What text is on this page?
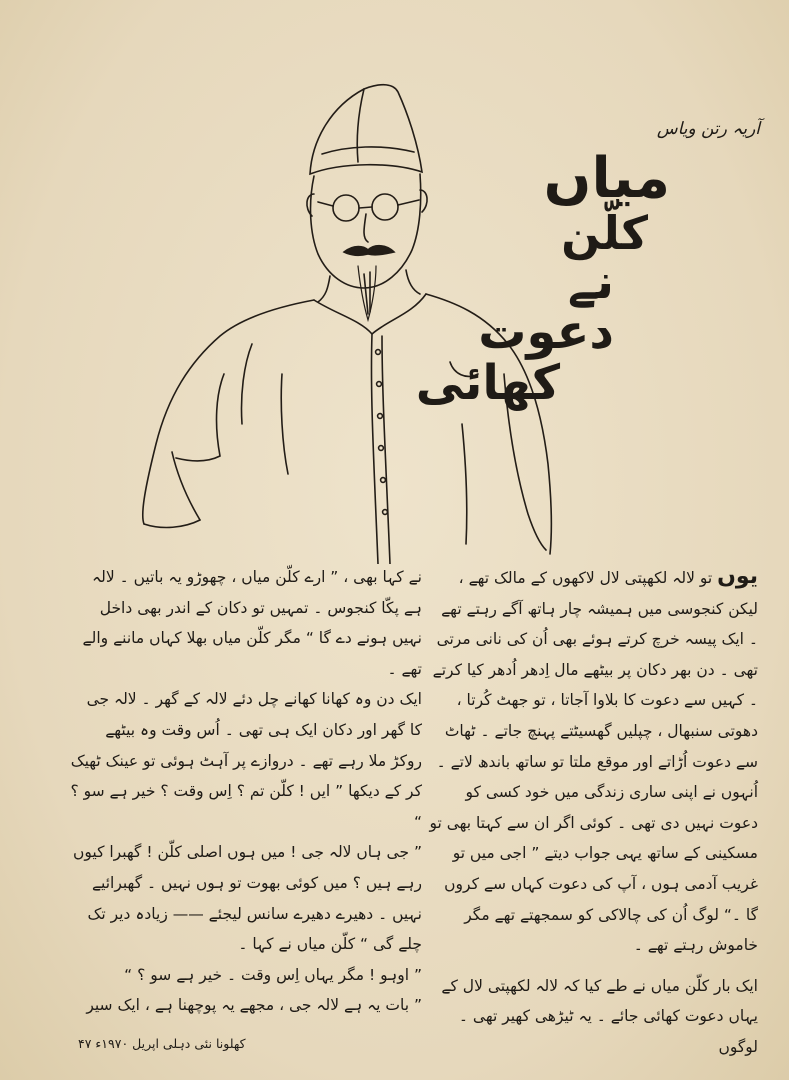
آریہ رتن ویاس
میاں
کلّن
نے دعوت
کھائی

یوں تو لالہ لکھپتی لال لاکھوں کے مالک تھے ، لیکن کنجوسی میں ہمیشہ چار ہاتھ آگے رہتے تھے ۔ ایک پیسہ خرچ کرتے ہوئے بھی اُن کی نانی مرتی تھی ۔ دن بھر دکان پر بیٹھے مال اِدھر اُدھر کیا کرتے ۔ کہیں سے دعوت کا بلاوا آجاتا ، تو جھٹ کُرتا ، دھوتی سنبھال ، چپلیں گھسیٹتے پہنچ جاتے ۔ ٹھاٹ سے دعوت اُڑاتے اور موقع ملتا تو ساتھ باندھ لاتے ۔ اُنہوں نے اپنی ساری زندگی میں خود کسی کو دعوت نہیں دی تھی ۔ کوئی اگر ان سے کہتا بھی تو مسکینی کے ساتھ یہی جواب دیتے ” اجی میں تو غریب آدمی ہوں ، آپ کی دعوت کہاں سے کروں گا ۔“ لوگ اُن کی چالاکی کو سمجھتے تھے مگر خاموش رہتے تھے ۔

ایک بار کلّن میاں نے طے کیا کہ لالہ لکھپتی لال کے یہاں دعوت کھائی جائے ۔ یہ ٹیڑھی کھیر تھی ۔ لوگوں

نے کہا بھی ، ” ارے کلّن میاں ، چھوڑو یہ باتیں ۔ لالہ ہے پکّا کنجوس ۔ تمہیں تو دکان کے اندر بھی داخل نہیں ہونے دے گا “ مگر کلّن میاں بھلا کہاں ماننے والے تھے ۔

ایک دن وہ کھانا کھانے چل دئے لالہ کے گھر ۔ لالہ جی کا گھر اور دکان ایک ہی تھی ۔ اُس وقت وہ بیٹھے روکڑ ملا رہے تھے ۔ دروازے پر آہٹ ہوئی تو عینک ٹھیک کر کے دیکھا ” ایں ! کلّن تم ؟ اِس وقت ؟ خیر ہے سو ؟ “

” جی ہاں لالہ جی ! میں ہوں اصلی کلّن ! گھبرا کیوں رہے ہیں ؟ میں کوئی بھوت تو ہوں نہیں ۔ گھبرائیے نہیں ۔ دھیرے دھیرے سانس لیجئے —— زیادہ دیر تک چلے گی “ کلّن میاں نے کہا ۔

” اوہو ! مگر یہاں اِس وقت ۔ خیر ہے سو ؟ “

” بات یہ ہے لالہ جی ، مجھے یہ پوچھنا ہے ، ایک سیر

کھلونا نئی دہلی اپریل ۱۹۷۰ء ۴۷
